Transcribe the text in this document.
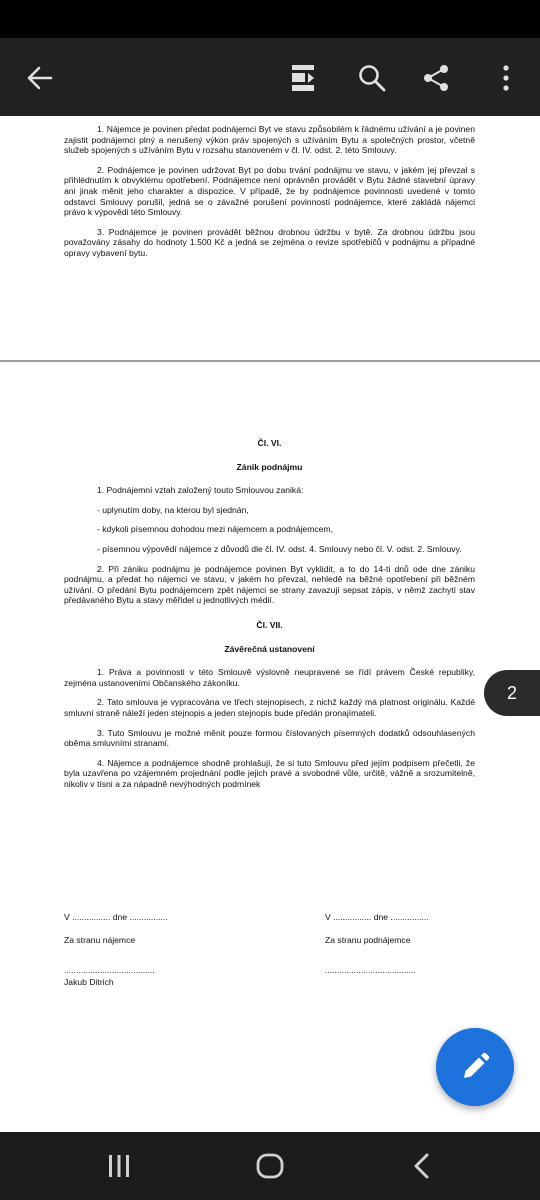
1. Nájemce je povinen předat podnájemci Byt ve stavu způsobilém k řádnému užívání a je povinen zajistit podnájemci plný a nerušený výkon práv spojených s užíváním Bytu a společných prostor, včetně služeb spojených s užíváním Bytu v rozsahu stanoveném v čl. IV. odst. 2. této Smlouvy.

2. Podnájemce je povinen udržovat Byt po dobu trvání podnájmu ve stavu, v jakém jej převzal s přihlédnutím k obvyklému opotřebení. Podnájemce není oprávněn provádět v Bytu žádné stavební úpravy ani jinak měnit jeho charakter a dispozice. V případě, že by podnájemce povinnosti uvedené v tomto odstavci Smlouvy porušil, jedná se o závažné porušení povinností podnájemce, které zakládá nájemci právo k výpovědi této Smlouvy.

3. Podnájemce je povinen provádět běžnou drobnou údržbu v bytě. Za drobnou údržbu jsou považovány zásahy do hodnoty 1.500 Kč a jedná se zejména o revize spotřebičů v podnájmu a případné opravy vybavení bytu.

Čl. VI.

Zánik podnájmu

1. Podnájemní vztah založený touto Smlouvou zaniká:

- uplynutím doby, na kterou byl sjednán,

- kdykoli písemnou dohodou mezi nájemcem a podnájemcem,

- písemnou výpovědí nájemce z důvodů dle čl. IV. odst. 4. Smlouvy nebo čl. V. odst. 2. Smlouvy.

2. Při zániku podnájmu je podnájemce povinen Byt vyklidit, a to do 14-ti dnů ode dne zániku podnájmu, a předat ho nájemci ve stavu, v jakém ho převzal, nehledě na běžné opotřebení při běžném užívání. O předání Bytu podnájemcem zpět nájemci se strany zavazují sepsat zápis, v němž zachytí stav předávaného Bytu a stavy měřidel u jednotlivých médií.

Čl. VII.

Závěrečná ustanovení

1. Práva a povinnosti v této Smlouvě výslovně neupravené se řídí právem České republiky, zejména ustanoveními Občanského zákoníku.

2. Tato smlouva je vypracována ve třech stejnopisech, z nichž každý má platnost originálu. Každé smluvní straně náleží jeden stejnopis a jeden stejnopis bude předán pronajímateli.

3. Tuto Smlouvu je možné měnit pouze formou číslovaných písemných dodatků odsouhlasených oběma smluvními stranami.

4. Nájemce a podnájemce shodně prohlašují, že si tuto Smlouvu před jejím podpisem přečetli, že byla uzavřena po vzájemném projednání podle jejich pravé a svobodné vůle, určitě, vážně a srozumitelně, nikoliv v tísni a za nápadně nevýhodných podmínek

V ................ dne ................
Za stranu nájemce
......................................
Jakub Ditrich
V ................ dne ................
Za stranu podnájemce
......................................
2
